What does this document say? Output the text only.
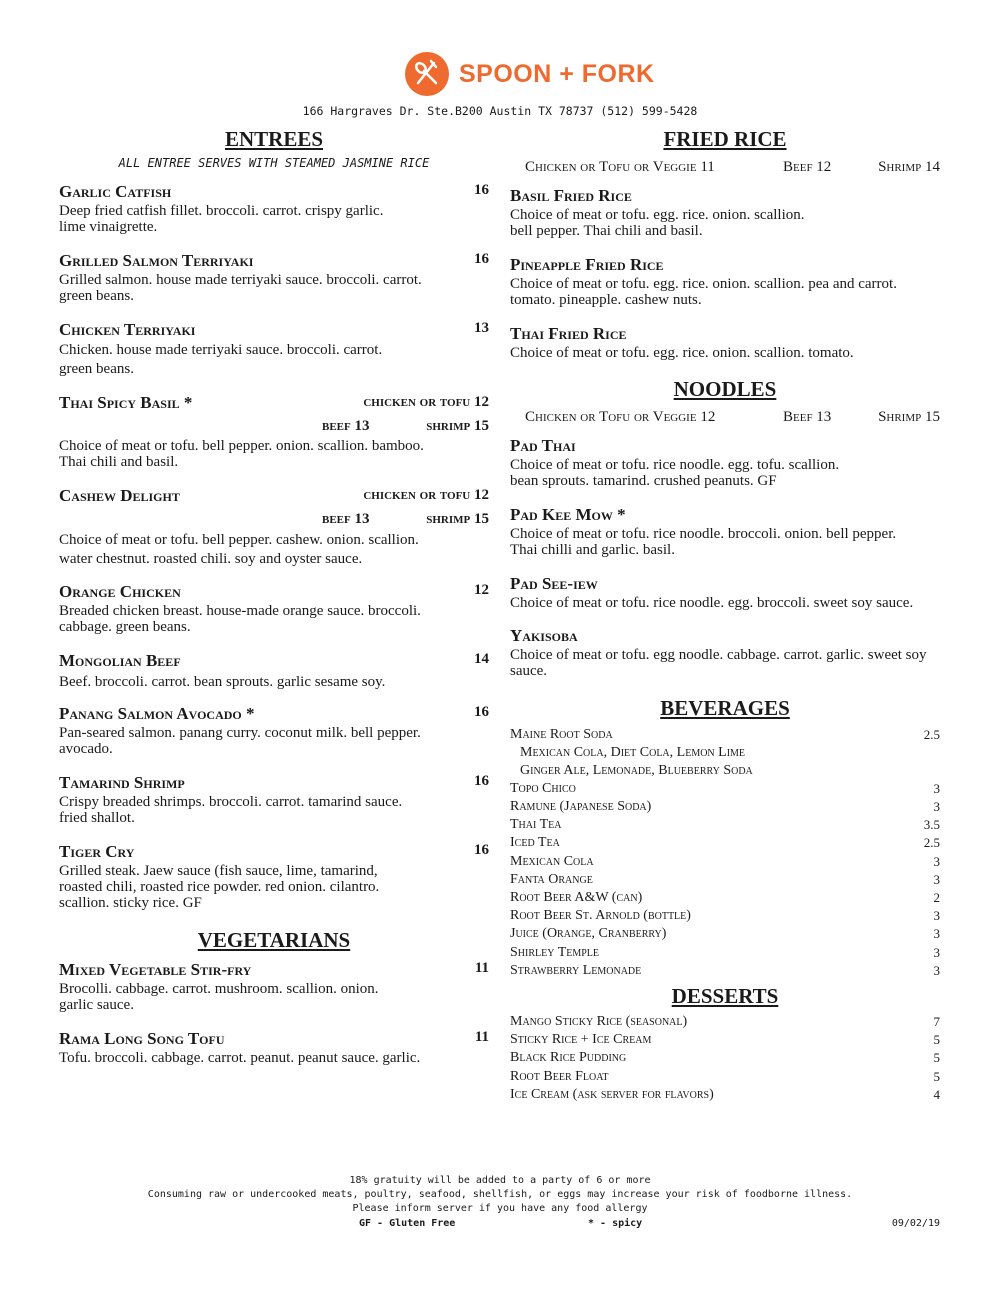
SPOON + FORK
166 Hargraves Dr. Ste.B200 Austin TX 78737 (512) 599-5428
ENTREES
ALL ENTREE SERVES WITH STEAMED JASMINE RICE
Garlic Catfish	16
Deep fried catfish fillet. broccoli. carrot. crispy garlic.
lime vinaigrette.
Grilled Salmon Terriyaki	16
Grilled salmon. house made terriyaki sauce. broccoli. carrot.
green beans.
Chicken Terriyaki	13
Chicken. house made terriyaki sauce. broccoli. carrot.
green beans.
Thai Spicy Basil *	chicken or tofu 12
beef 13	shrimp 15
Choice of meat or tofu. bell pepper. onion. scallion. bamboo.
Thai chili and basil.
Cashew Delight	chicken or tofu 12
beef 13	shrimp 15
Choice of meat or tofu. bell pepper. cashew. onion. scallion.
water chestnut. roasted chili. soy and oyster sauce.
Orange Chicken	12
Breaded chicken breast. house-made orange sauce. broccoli.
cabbage. green beans.
Mongolian Beef	14
Beef. broccoli. carrot. bean sprouts. garlic sesame soy.
Panang Salmon Avocado *	16
Pan-seared salmon. panang curry. coconut milk. bell pepper.
avocado.
Tamarind Shrimp	16
Crispy breaded shrimps. broccoli. carrot. tamarind sauce.
fried shallot.
Tiger Cry	16
Grilled steak. Jaew sauce (fish sauce, lime, tamarind,
roasted chili, roasted rice powder. red onion. cilantro.
scallion. sticky rice. GF
VEGETARIANS
Mixed Vegetable Stir-fry	11
Brocolli. cabbage. carrot. mushroom. scallion. onion.
garlic sauce.
Rama Long Song Tofu	11
Tofu. broccoli. cabbage. carrot. peanut. peanut sauce. garlic.
FRIED RICE
Chicken or Tofu or Veggie 11	Beef 12	Shrimp 14
Basil Fried Rice
Choice of meat or tofu. egg. rice. onion. scallion.
bell pepper. Thai chili and basil.
Pineapple Fried Rice
Choice of meat or tofu. egg. rice. onion. scallion. pea and carrot.
tomato. pineapple. cashew nuts.
Thai Fried Rice
Choice of meat or tofu. egg. rice. onion. scallion. tomato.
NOODLES
Chicken or Tofu or Veggie 12	Beef 13	Shrimp 15
Pad Thai
Choice of meat or tofu. rice noodle. egg. tofu. scallion.
bean sprouts. tamarind. crushed peanuts. GF
Pad Kee Mow *
Choice of meat or tofu. rice noodle. broccoli. onion. bell pepper.
Thai chilli and garlic. basil.
Pad See-iew
Choice of meat or tofu. rice noodle. egg. broccoli. sweet soy sauce.
Yakisoba
Choice of meat or tofu. egg noodle. cabbage. carrot. garlic. sweet soy
sauce.
BEVERAGES
Maine Root Soda	2.5
Mexican Cola, Diet Cola, Lemon Lime
Ginger Ale, Lemonade, Blueberry Soda
Topo Chico	3
Ramune (Japanese Soda)	3
Thai Tea	3.5
Iced Tea	2.5
Mexican Cola	3
Fanta Orange	3
Root Beer A&W (can)	2
Root Beer St. Arnold (bottle)	3
Juice (Orange, Cranberry)	3
Shirley Temple	3
Strawberry Lemonade	3
DESSERTS
Mango Sticky Rice (seasonal)	7
Sticky Rice + Ice Cream	5
Black Rice Pudding	5
Root Beer Float	5
Ice Cream (ask server for flavors)	4
18% gratuity will be added to a party of 6 or more
Consuming raw or undercooked meats, poultry, seafood, shellfish, or eggs may increase your risk of foodborne illness.
Please inform server if you have any food allergy
GF - Gluten Free	* - spicy	09/02/19
